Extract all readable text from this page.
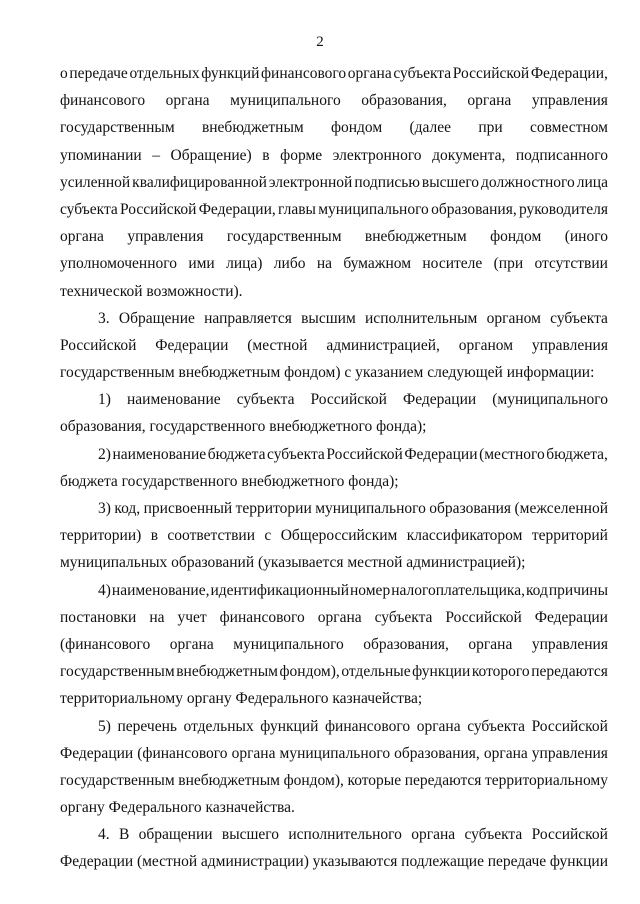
2
о передаче отдельных функций финансового органа субъекта Российской Федерации,
финансового органа муниципального образования, органа управления
государственным внебюджетным фондом (далее при совместном
упоминании – Обращение) в форме электронного документа, подписанного
усиленной квалифицированной электронной подписью высшего должностного лица
субъекта Российской Федерации, главы муниципального образования, руководителя
органа управления государственным внебюджетным фондом (иного
уполномоченного ими лица) либо на бумажном носителе (при отсутствии
технической возможности).
3. Обращение направляется высшим исполнительным органом субъекта
Российской Федерации (местной администрацией, органом управления
государственным внебюджетным фондом) с указанием следующей информации:
1) наименование субъекта Российской Федерации (муниципального
образования, государственного внебюджетного фонда);
2) наименование бюджета субъекта Российской Федерации (местного бюджета,
бюджета государственного внебюджетного фонда);
3) код, присвоенный территории муниципального образования (межселенной
территории) в соответствии с Общероссийским классификатором территорий
муниципальных образований (указывается местной администрацией);
4) наименование, идентификационный номер налогоплательщика, код причины
постановки на учет финансового органа субъекта Российской Федерации
(финансового органа муниципального образования, органа управления
государственным внебюджетным фондом), отдельные функции которого передаются
территориальному органу Федерального казначейства;
5) перечень отдельных функций финансового органа субъекта Российской
Федерации (финансового органа муниципального образования, органа управления
государственным внебюджетным фондом), которые передаются территориальному
органу Федерального казначейства.
4. В обращении высшего исполнительного органа субъекта Российской
Федерации (местной администрации) указываются подлежащие передаче функции
